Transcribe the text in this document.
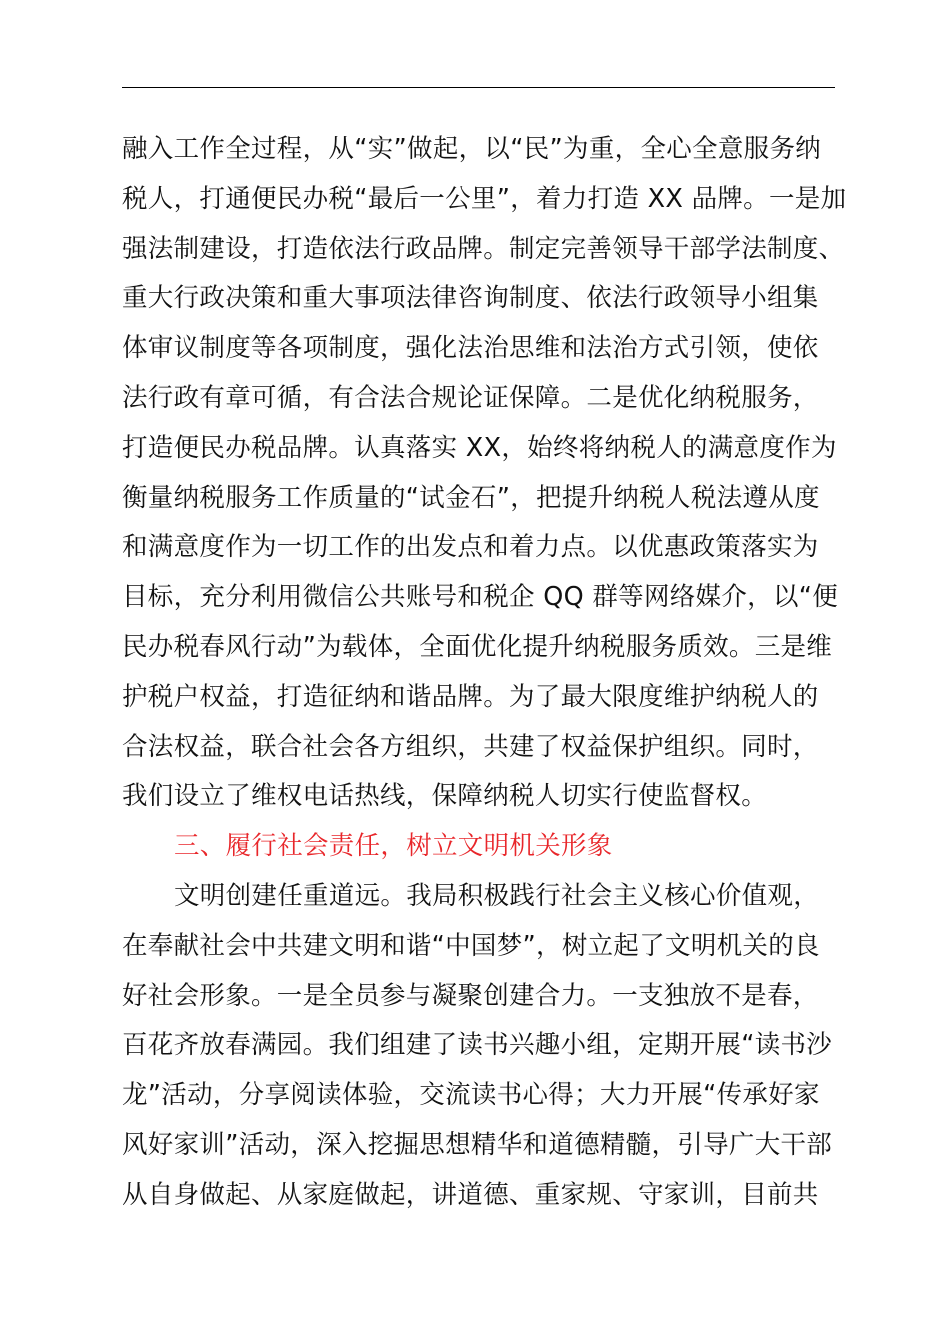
融入工作全过程，从“实”做起，以“民”为重，全心全意服务纳
税人，打通便民办税“最后一公里”，着力打造 XX 品牌。一是加
强法制建设，打造依法行政品牌。制定完善领导干部学法制度、
重大行政决策和重大事项法律咨询制度、依法行政领导小组集
体审议制度等各项制度，强化法治思维和法治方式引领，使依
法行政有章可循，有合法合规论证保障。二是优化纳税服务，
打造便民办税品牌。认真落实 XX，始终将纳税人的满意度作为
衡量纳税服务工作质量的“试金石”，把提升纳税人税法遵从度
和满意度作为一切工作的出发点和着力点。以优惠政策落实为
目标，充分利用微信公共账号和税企 QQ 群等网络媒介，以“便
民办税春风行动”为载体，全面优化提升纳税服务质效。三是维
护税户权益，打造征纳和谐品牌。为了最大限度维护纳税人的
合法权益，联合社会各方组织，共建了权益保护组织。同时，
我们设立了维权电话热线，保障纳税人切实行使监督权。
三、履行社会责任，树立文明机关形象
文明创建任重道远。我局积极践行社会主义核心价值观，
在奉献社会中共建文明和谐“中国梦”，树立起了文明机关的良
好社会形象。一是全员参与凝聚创建合力。一支独放不是春，
百花齐放春满园。我们组建了读书兴趣小组，定期开展“读书沙
龙”活动，分享阅读体验，交流读书心得；大力开展“传承好家
风好家训”活动，深入挖掘思想精华和道德精髓，引导广大干部
从自身做起、从家庭做起，讲道德、重家规、守家训，目前共
